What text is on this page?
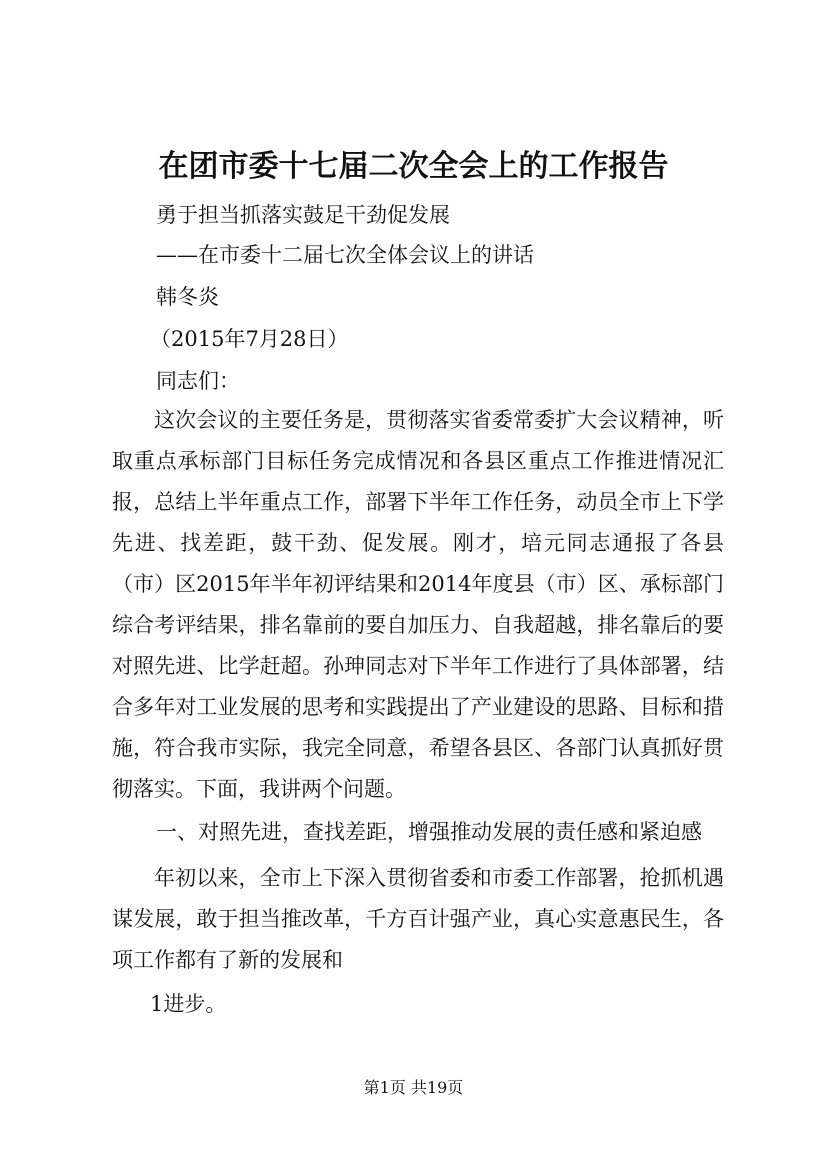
在团市委十七届二次全会上的工作报告
勇于担当抓落实鼓足干劲促发展
——在市委十二届七次全体会议上的讲话
韩冬炎
（2015年7月28日）
同志们：
这次会议的主要任务是，贯彻落实省委常委扩大会议精神，听取重点承标部门目标任务完成情况和各县区重点工作推进情况汇报，总结上半年重点工作，部署下半年工作任务，动员全市上下学先进、找差距，鼓干劲、促发展。刚才，培元同志通报了各县（市）区2015年半年初评结果和2014年度县（市）区、承标部门综合考评结果，排名靠前的要自加压力、自我超越，排名靠后的要对照先进、比学赶超。孙珅同志对下半年工作进行了具体部署，结合多年对工业发展的思考和实践提出了产业建设的思路、目标和措施，符合我市实际，我完全同意，希望各县区、各部门认真抓好贯彻落实。下面，我讲两个问题。
一、对照先进，查找差距，增强推动发展的责任感和紧迫感
年初以来，全市上下深入贯彻省委和市委工作部署，抢抓机遇谋发展，敢于担当推改革，千方百计强产业，真心实意惠民生，各项工作都有了新的发展和
1进步。
第1页 共19页
